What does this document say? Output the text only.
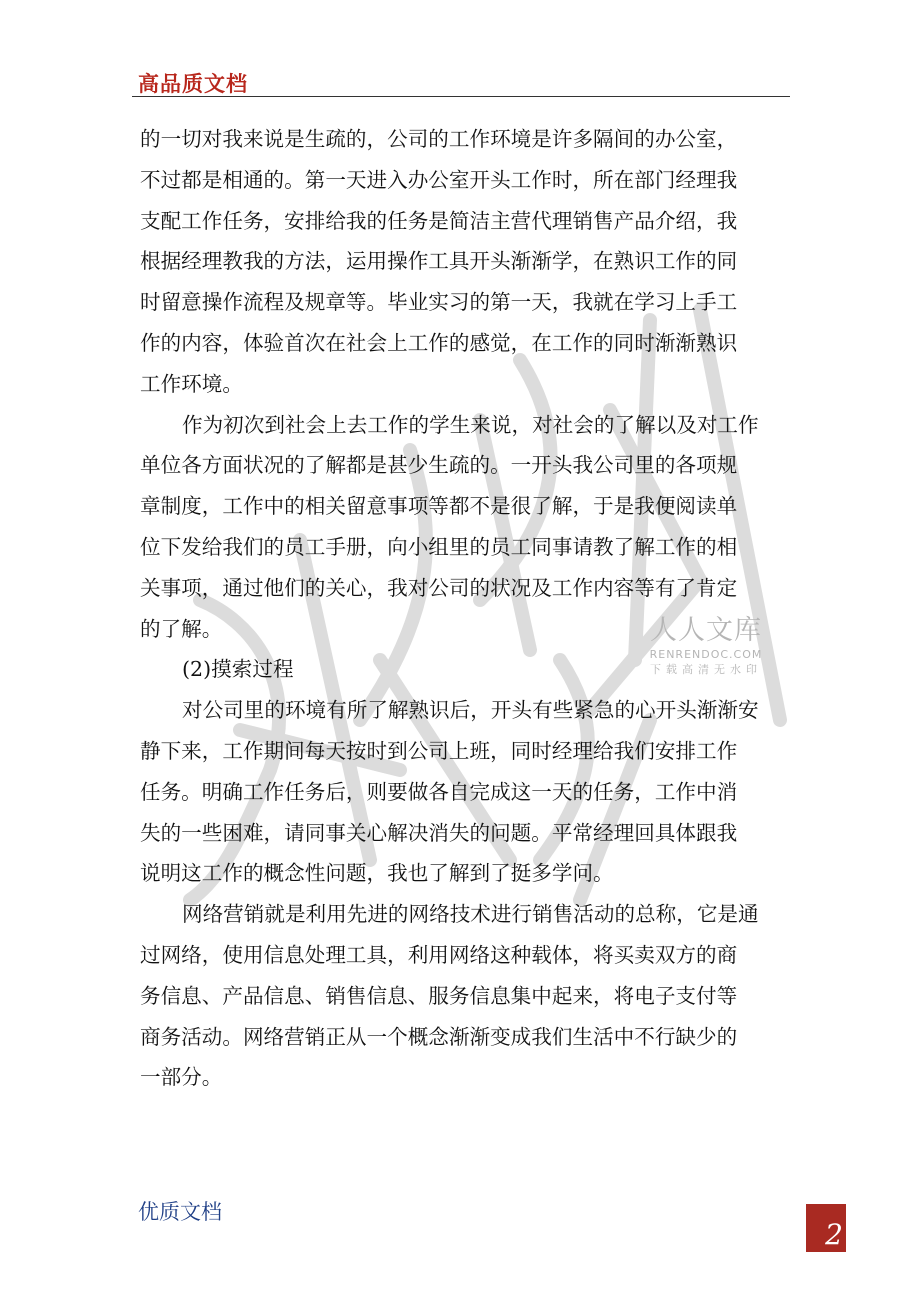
高品质文档
的一切对我来说是生疏的，公司的工作环境是许多隔间的办公室，
不过都是相通的。第一天进入办公室开头工作时，所在部门经理我
支配工作任务，安排给我的任务是简洁主营代理销售产品介绍，我
根据经理教我的方法，运用操作工具开头渐渐学，在熟识工作的同
时留意操作流程及规章等。毕业实习的第一天，我就在学习上手工
作的内容，体验首次在社会上工作的感觉，在工作的同时渐渐熟识
工作环境。
作为初次到社会上去工作的学生来说，对社会的了解以及对工作
单位各方面状况的了解都是甚少生疏的。一开头我公司里的各项规
章制度，工作中的相关留意事项等都不是很了解，于是我便阅读单
位下发给我们的员工手册，向小组里的员工同事请教了解工作的相
关事项，通过他们的关心，我对公司的状况及工作内容等有了肯定
的了解。
(2)摸索过程
对公司里的环境有所了解熟识后，开头有些紧急的心开头渐渐安
静下来，工作期间每天按时到公司上班，同时经理给我们安排工作
任务。明确工作任务后，则要做各自完成这一天的任务，工作中消
失的一些困难，请同事关心解决消失的问题。平常经理回具体跟我
说明这工作的概念性问题，我也了解到了挺多学问。
网络营销就是利用先进的网络技术进行销售活动的总称，它是通
过网络，使用信息处理工具，利用网络这种载体，将买卖双方的商
务信息、产品信息、销售信息、服务信息集中起来，将电子支付等
商务活动。网络营销正从一个概念渐渐变成我们生活中不行缺少的
一部分。
人人文库
RENRENDOC.COM
下载高清无水印
优质文档
2
